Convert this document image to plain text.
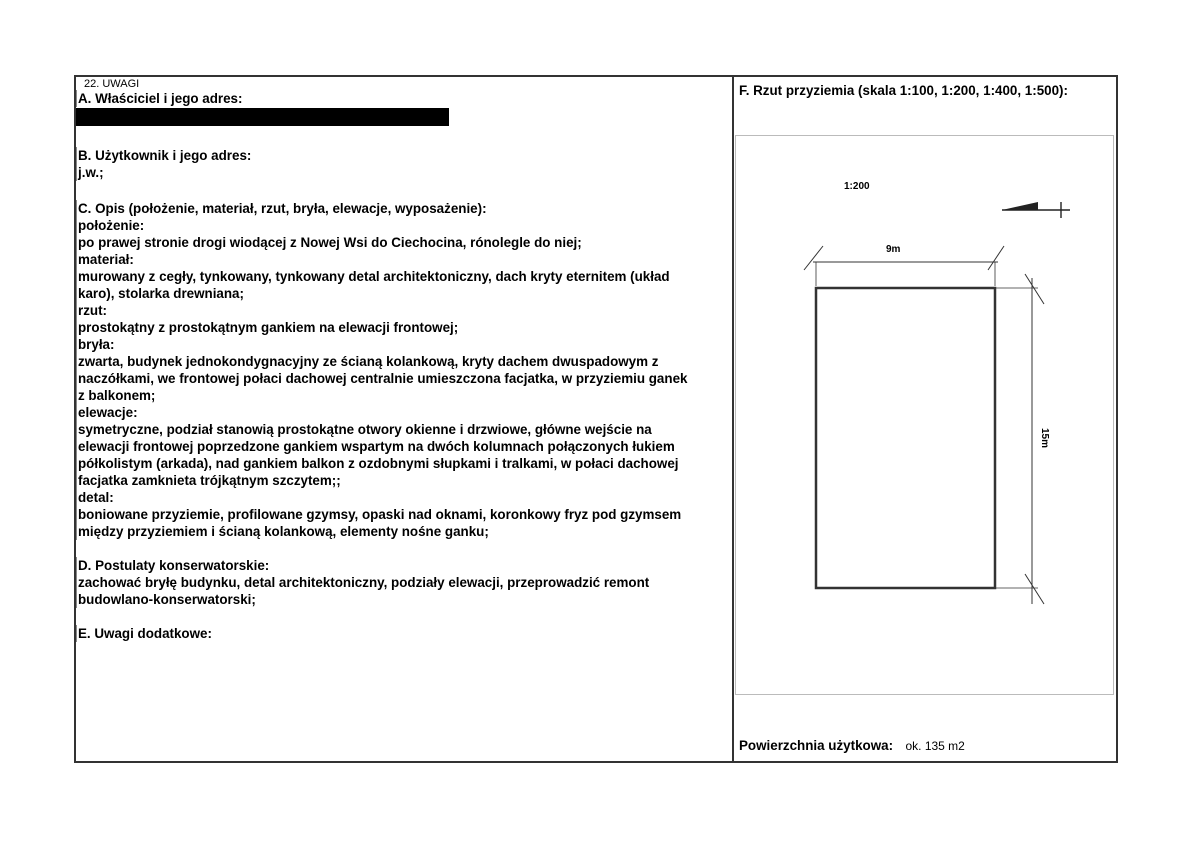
22. UWAGI
A. Właściciel i jego adres:
B. Użytkownik i jego adres:
j.w.;
C. Opis (położenie, materiał, rzut, bryła, elewacje, wyposażenie):
położenie:
po prawej stronie drogi wiodącej z Nowej Wsi do Ciechocina, rónolegle do niej;
materiał:
murowany z cegły, tynkowany, tynkowany detal architektoniczny, dach kryty eternitem (układ
karo), stolarka drewniana;
rzut:
prostokątny z prostokątnym gankiem na elewacji frontowej;
bryła:
zwarta, budynek jednokondygnacyjny ze ścianą kolankową, kryty dachem dwuspadowym z
naczółkami, we frontowej połaci dachowej centralnie umieszczona facjatka, w przyziemiu ganek
z balkonem;
elewacje:
symetryczne, podział stanowią prostokątne otwory okienne i drzwiowe, główne wejście na
elewacji frontowej poprzedzone gankiem wspartym na dwóch kolumnach połączonych łukiem
półkolistym (arkada), nad gankiem balkon z ozdobnymi słupkami i tralkami, w połaci dachowej
facjatka zamknieta trójkątnym szczytem;;
detal:
boniowane przyziemie, profilowane gzymsy, opaski nad oknami, koronkowy fryz pod gzymsem
między przyziemiem i ścianą kolankową, elementy nośne ganku;
D. Postulaty konserwatorskie:
zachować bryłę budynku, detal architektoniczny, podziały elewacji, przeprowadzić remont
budowlano-konserwatorski;
E. Uwagi dodatkowe:
F. Rzut przyziemia (skala 1:100, 1:200, 1:400, 1:500):
1:200
9m
15m
Powierzchnia użytkowa: ok. 135 m2
